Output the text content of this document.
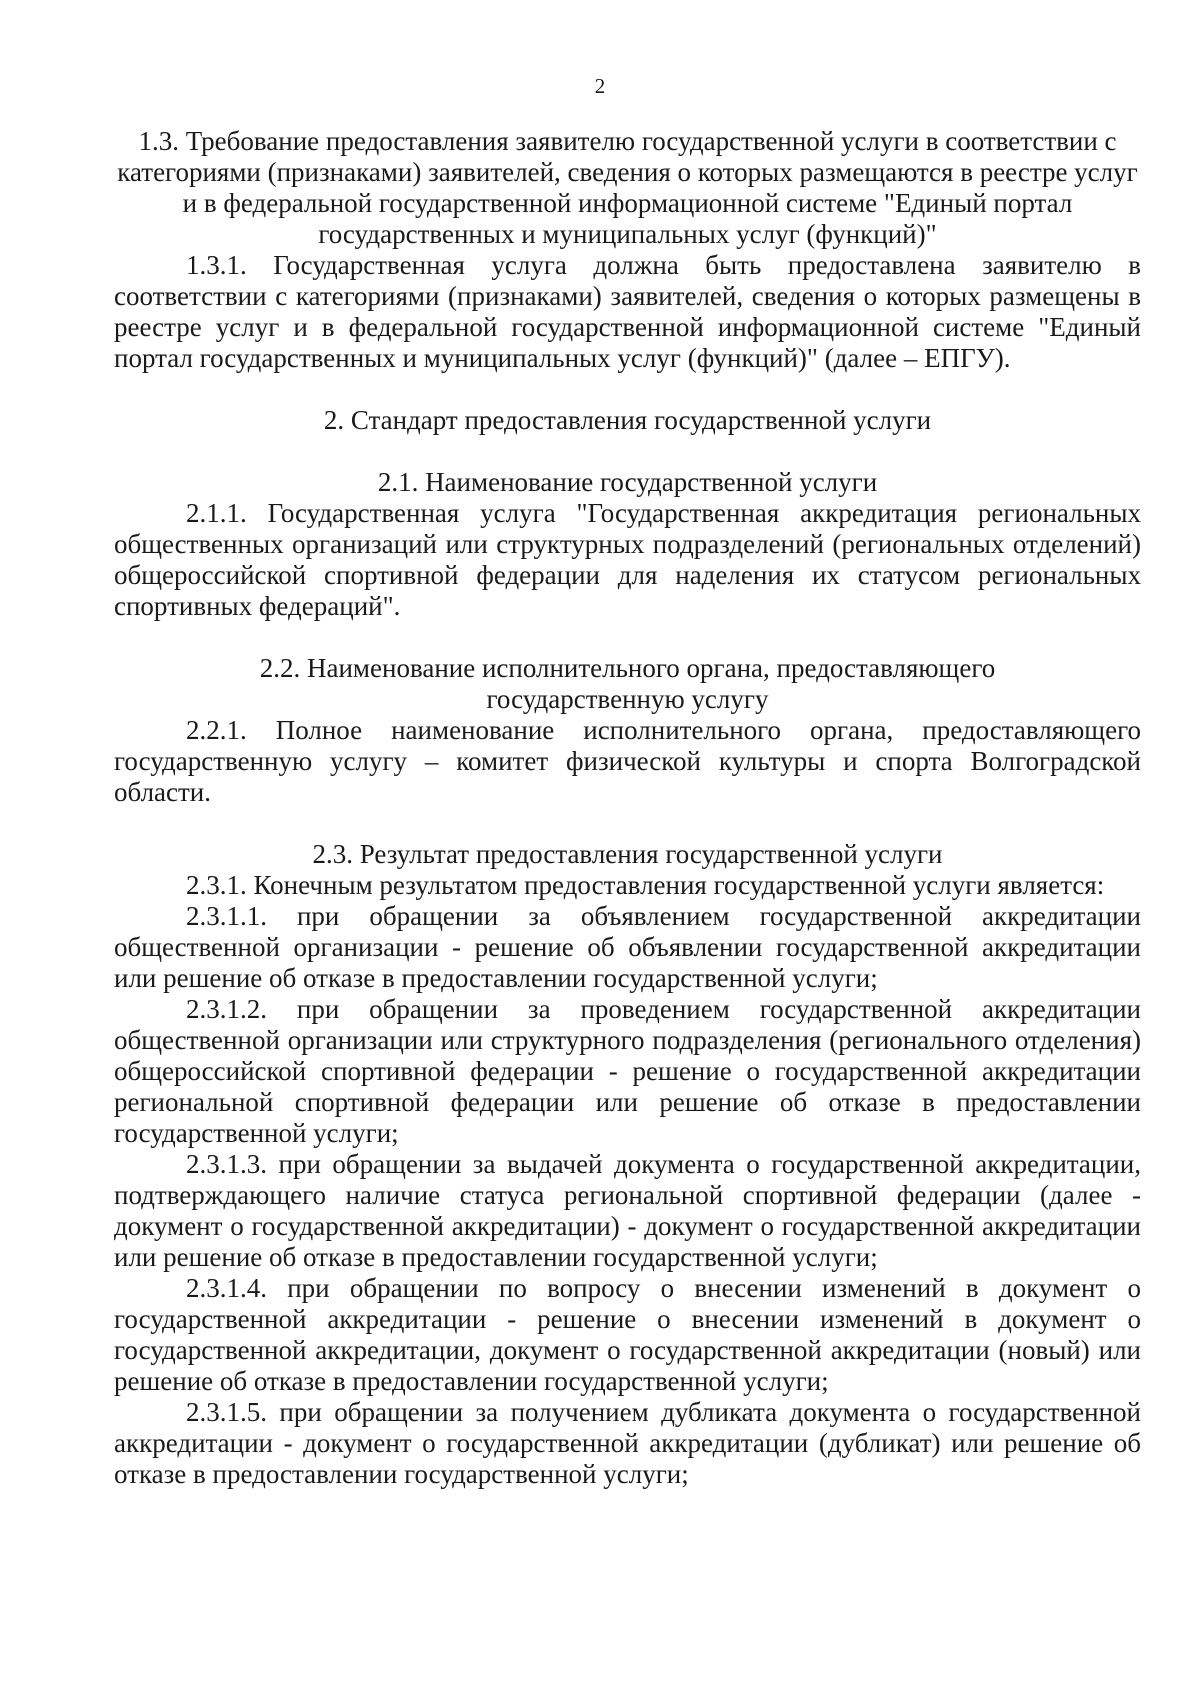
2

1.3. Требование предоставления заявителю государственной услуги в соответствии с категориями (признаками) заявителей, сведения о которых размещаются в реестре услуг и в федеральной государственной информационной системе "Единый портал государственных и муниципальных услуг (функций)"

1.3.1. Государственная услуга должна быть предоставлена заявителю в соответствии с категориями (признаками) заявителей, сведения о которых размещены в реестре услуг и в федеральной государственной информационной системе "Единый портал государственных и муниципальных услуг (функций)" (далее – ЕПГУ).

2. Стандарт предоставления государственной услуги

2.1. Наименование государственной услуги

2.1.1. Государственная услуга "Государственная аккредитация региональных общественных организаций или структурных подразделений (региональных отделений) общероссийской спортивной федерации для наделения их статусом региональных спортивных федераций".

2.2. Наименование исполнительного органа, предоставляющего

государственную услугу

2.2.1. Полное наименование исполнительного органа, предоставляющего государственную услугу – комитет физической культуры и спорта Волгоградской области.

2.3. Результат предоставления государственной услуги

2.3.1. Конечным результатом предоставления государственной услуги является:

2.3.1.1. при обращении за объявлением государственной аккредитации общественной организации - решение об объявлении государственной аккредитации или решение об отказе в предоставлении государственной услуги;

2.3.1.2. при обращении за проведением государственной аккредитации общественной организации или структурного подразделения (регионального отделения) общероссийской спортивной федерации - решение о государственной аккредитации региональной спортивной федерации или решение об отказе в предоставлении государственной услуги;

2.3.1.3. при обращении за выдачей документа о государственной аккредитации, подтверждающего наличие статуса региональной спортивной федерации (далее - документ о государственной аккредитации) - документ о государственной аккредитации или решение об отказе в предоставлении государственной услуги;

2.3.1.4. при обращении по вопросу о внесении изменений в документ о государственной аккредитации - решение о внесении изменений в документ о государственной аккредитации, документ о государственной аккредитации (новый) или решение об отказе в предоставлении государственной услуги;

2.3.1.5. при обращении за получением дубликата документа о государственной аккредитации - документ о государственной аккредитации (дубликат) или решение об отказе в предоставлении государственной услуги;
